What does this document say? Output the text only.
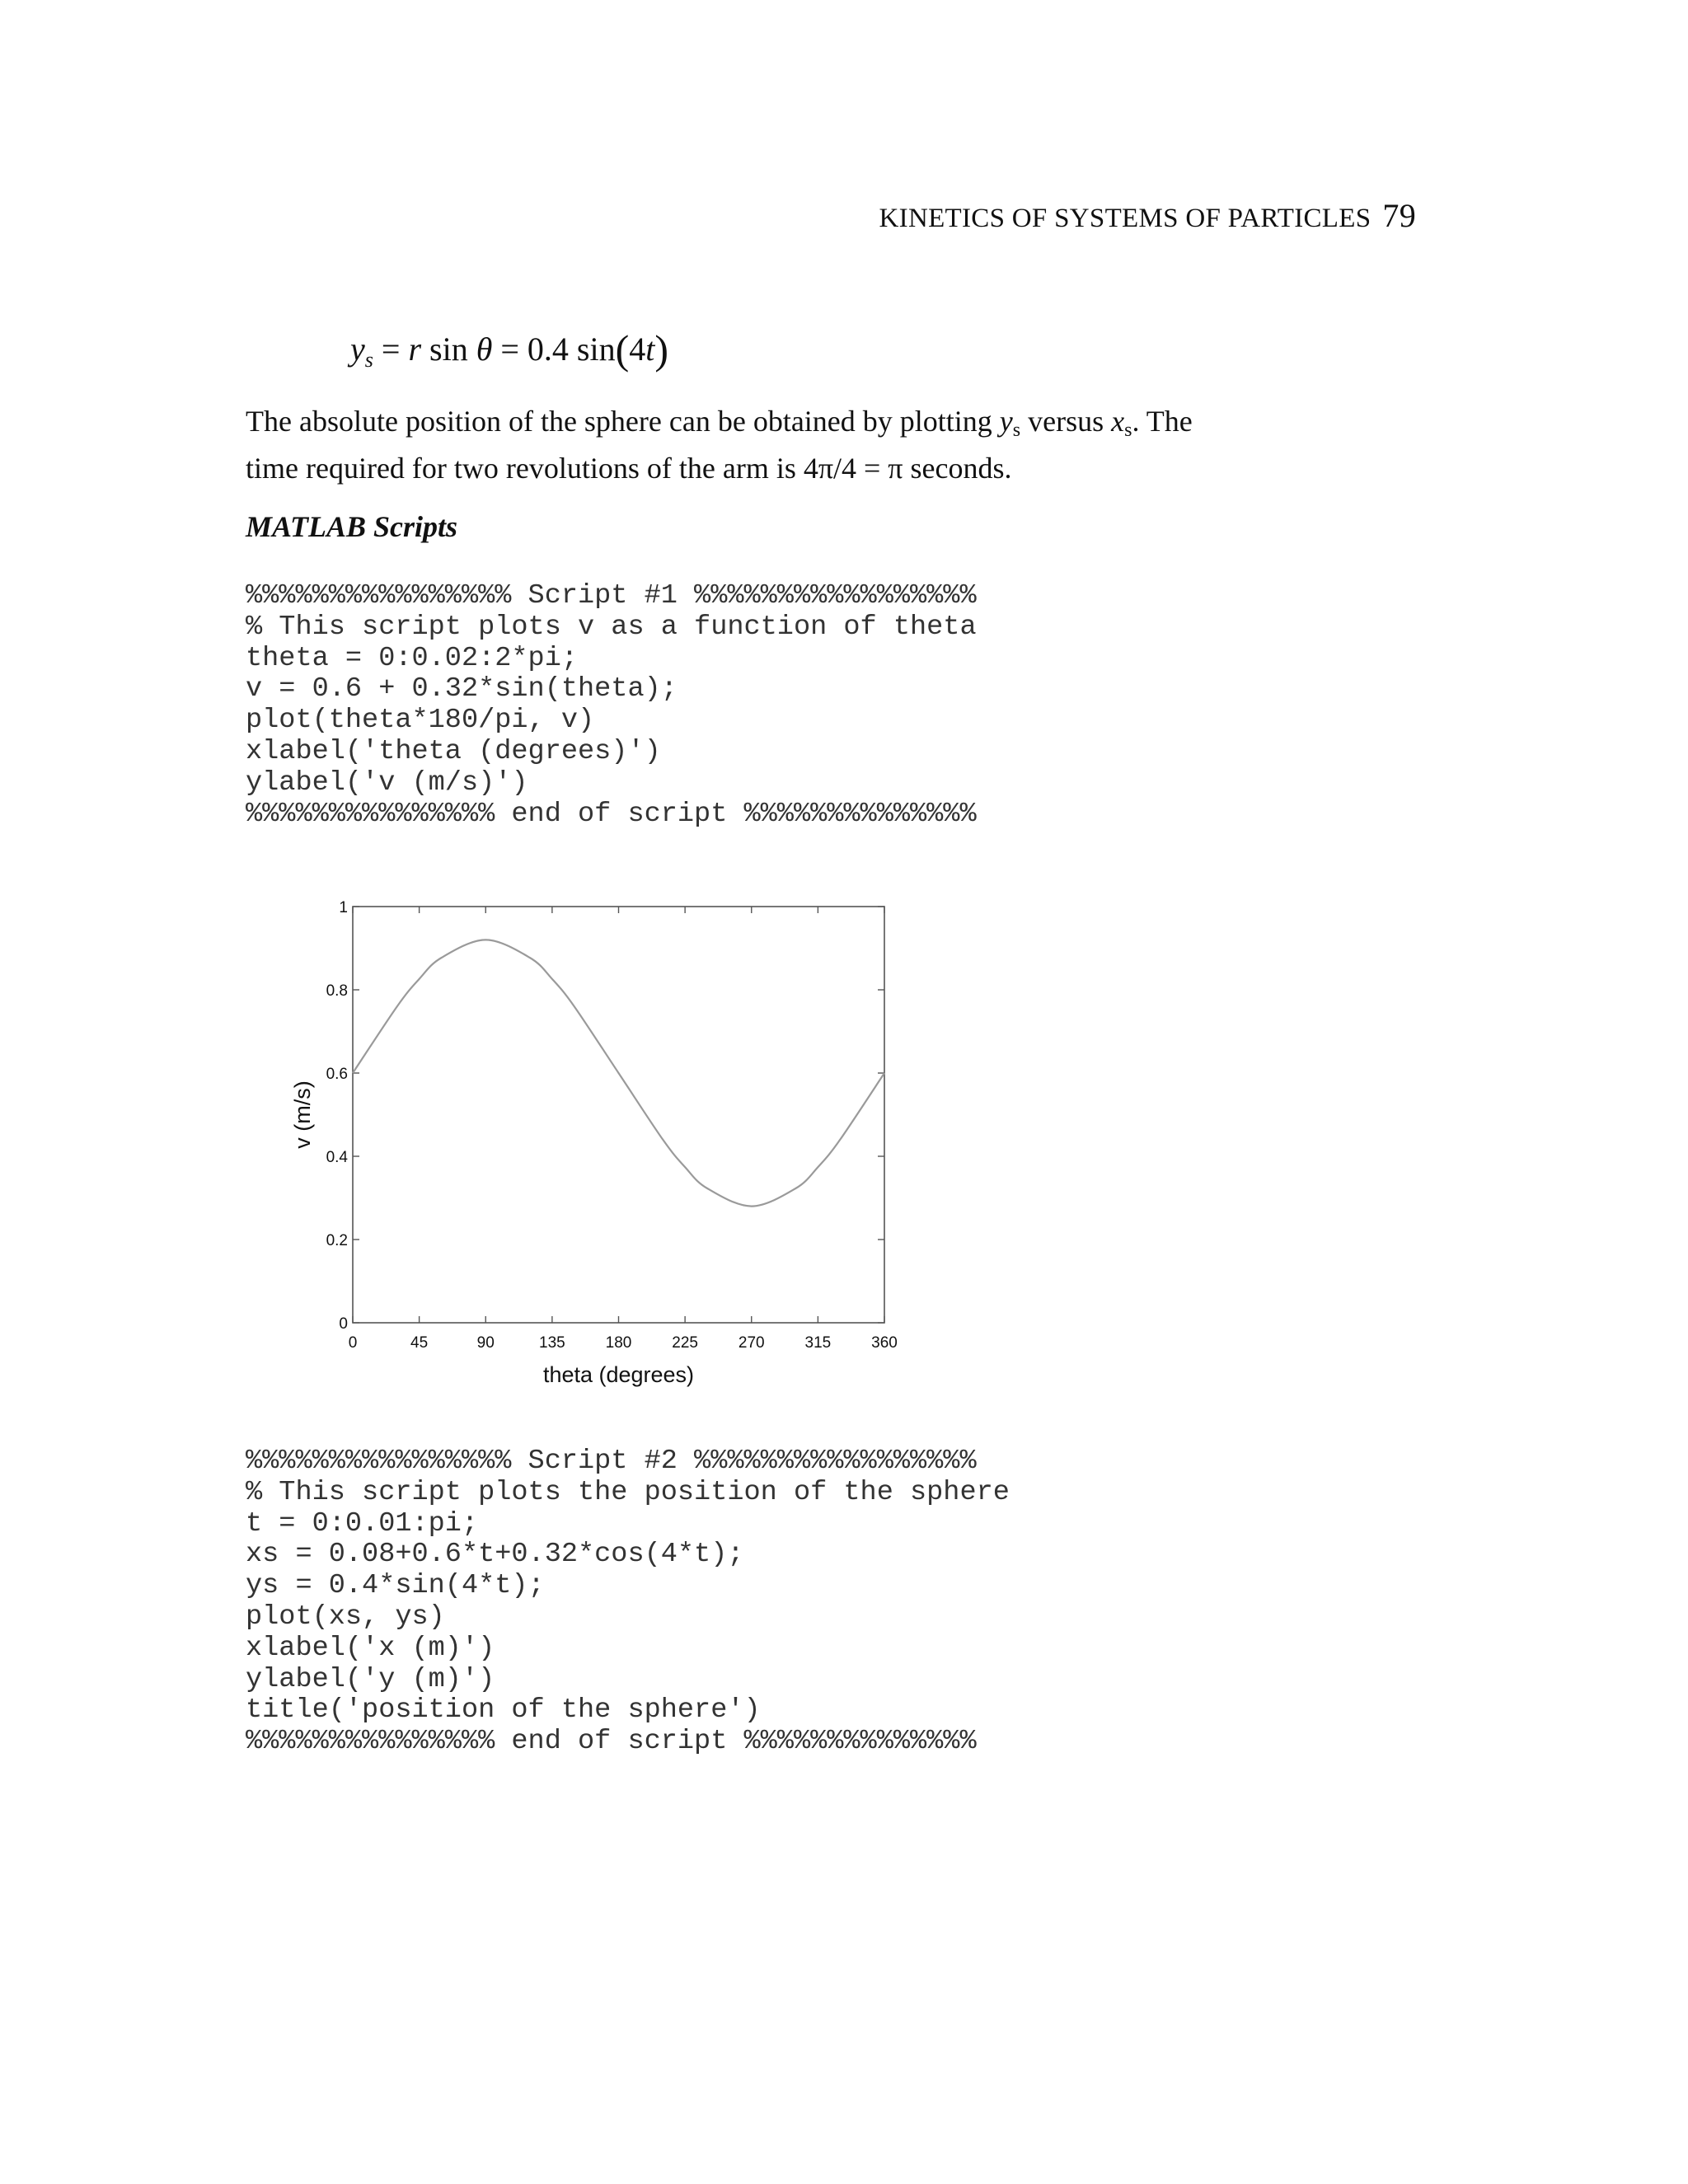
KINETICS OF SYSTEMS OF PARTICLES 79
$y_s = r$ sin θ = 0.4 sin(4t)
The absolute position of the sphere can be obtained by plotting $y_s$ versus $x_s$. The
time required for two revolutions of the arm is 4π/4 = π seconds.
MATLAB Scripts
%%%%%%%%%%%%%%%% Script #1 %%%%%%%%%%%%%%%%%
% This script plots v as a function of theta
theta = 0:0.02:2*pi;
v = 0.6 + 0.32*sin(theta);
plot(theta*180/pi, v)
xlabel('theta (degrees)')
ylabel('v (m/s)')
%%%%%%%%%%%%%%% end of script %%%%%%%%%%%%%%
0	45	90	135	180	225	270	315	360
0
0.2
0.4
0.6
0.8
1
theta (degrees)
v (m/s)
%%%%%%%%%%%%%%%% Script #2 %%%%%%%%%%%%%%%%%
% This script plots the position of the sphere
t = 0:0.01:pi;
xs = 0.08+0.6*t+0.32*cos(4*t);
ys = 0.4*sin(4*t);
plot(xs, ys)
xlabel('x (m)')
ylabel('y (m)')
title('position of the sphere')
%%%%%%%%%%%%%%% end of script %%%%%%%%%%%%%%
